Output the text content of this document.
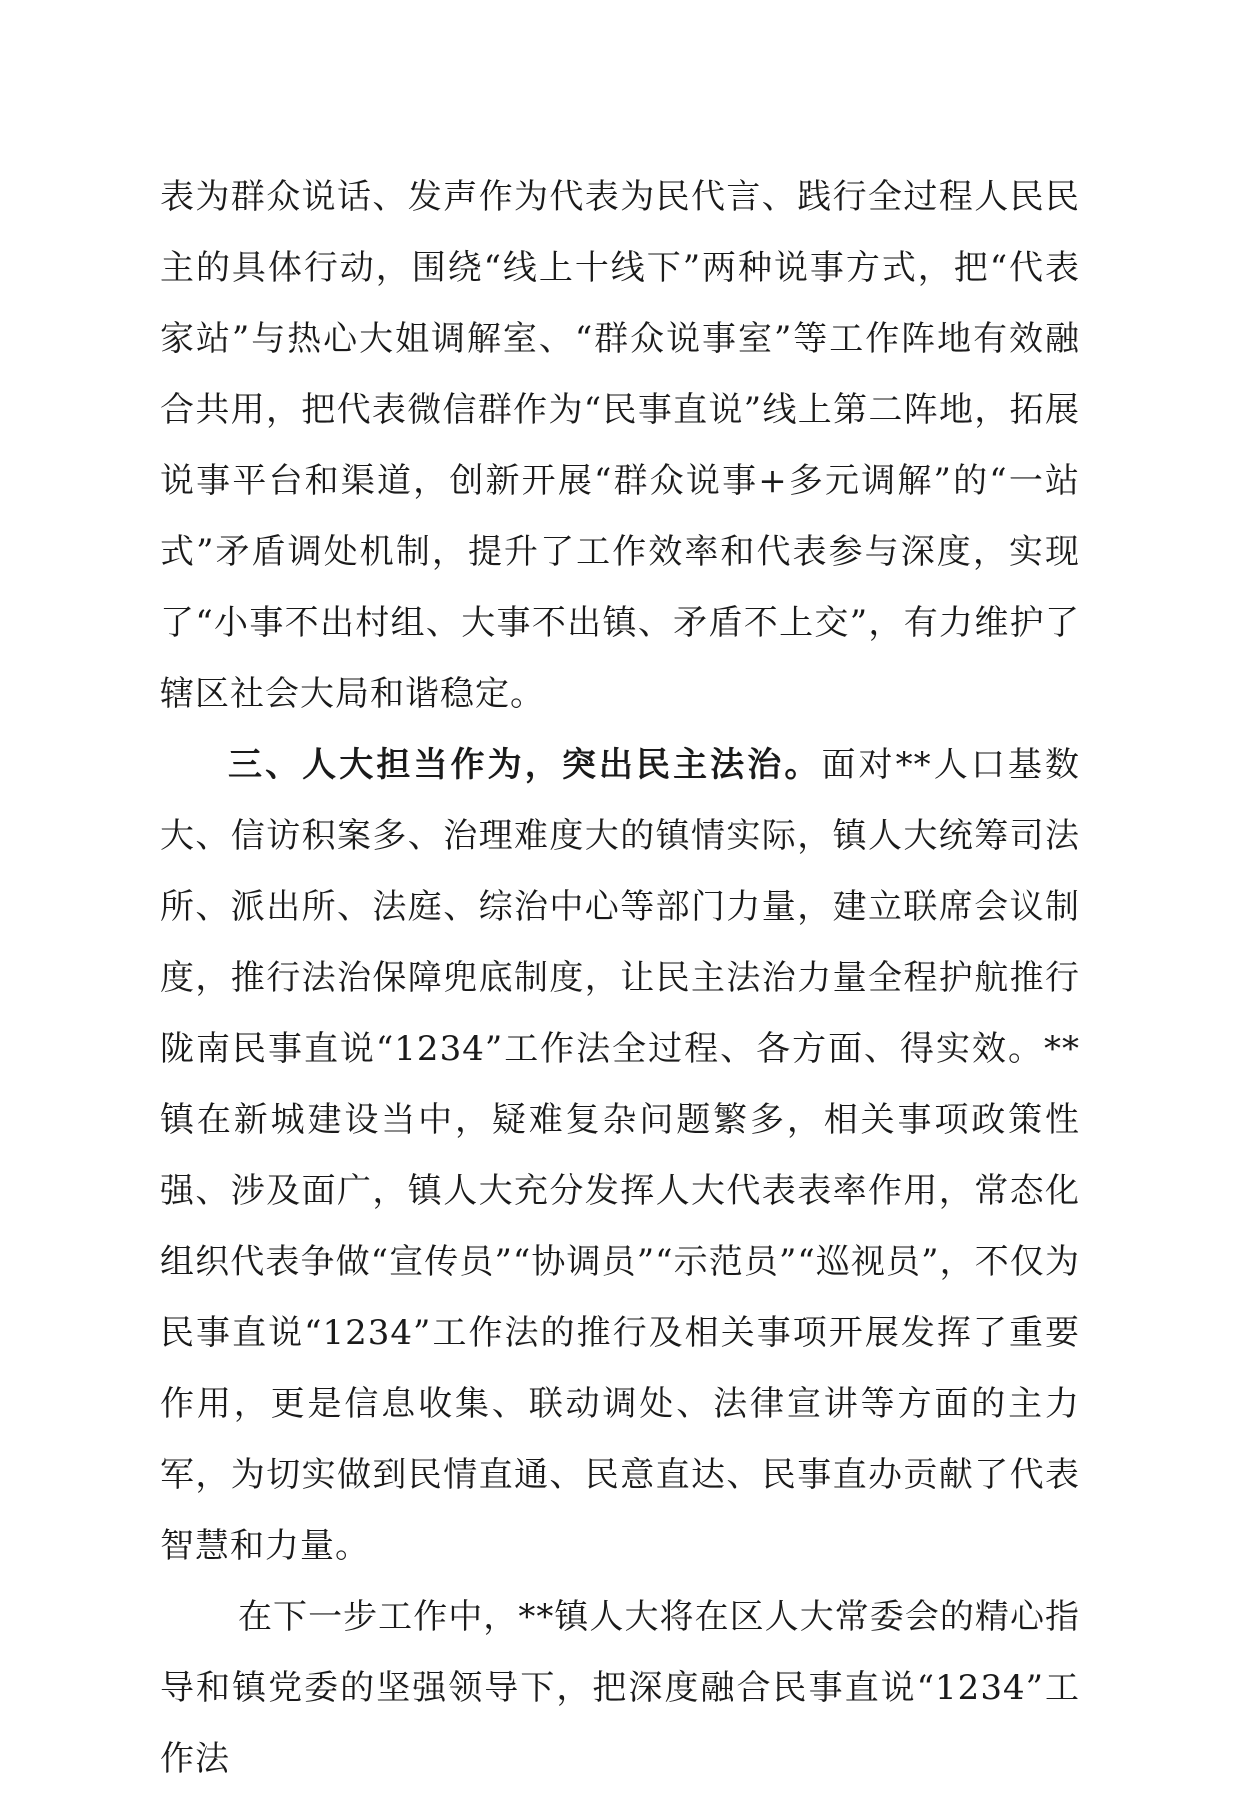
表为群众说话、发声作为代表为民代言、践行全过程人民民主的具体行动，围绕“线上十线下”两种说事方式，把“代表家站”与热心大姐调解室、“群众说事室”等工作阵地有效融合共用，把代表微信群作为“民事直说”线上第二阵地，拓展说事平台和渠道，创新开展“群众说事+多元调解”的“一站式”矛盾调处机制，提升了工作效率和代表参与深度，实现了“小事不出村组、大事不出镇、矛盾不上交”，有力维护了辖区社会大局和谐稳定。

三、人大担当作为，突出民主法治。面对**人口基数大、信访积案多、治理难度大的镇情实际，镇人大统筹司法所、派出所、法庭、综治中心等部门力量，建立联席会议制度，推行法治保障兜底制度，让民主法治力量全程护航推行陇南民事直说“1234”工作法全过程、各方面、得实效。**镇在新城建设当中，疑难复杂问题繁多，相关事项政策性强、涉及面广，镇人大充分发挥人大代表表率作用，常态化组织代表争做“宣传员”“协调员”“示范员”“巡视员”，不仅为民事直说“1234”工作法的推行及相关事项开展发挥了重要作用，更是信息收集、联动调处、法律宣讲等方面的主力军，为切实做到民情直通、民意直达、民事直办贡献了代表智慧和力量。

在下一步工作中，**镇人大将在区人大常委会的精心指导和镇党委的坚强领导下，把深度融合民事直说“1234”工作法
